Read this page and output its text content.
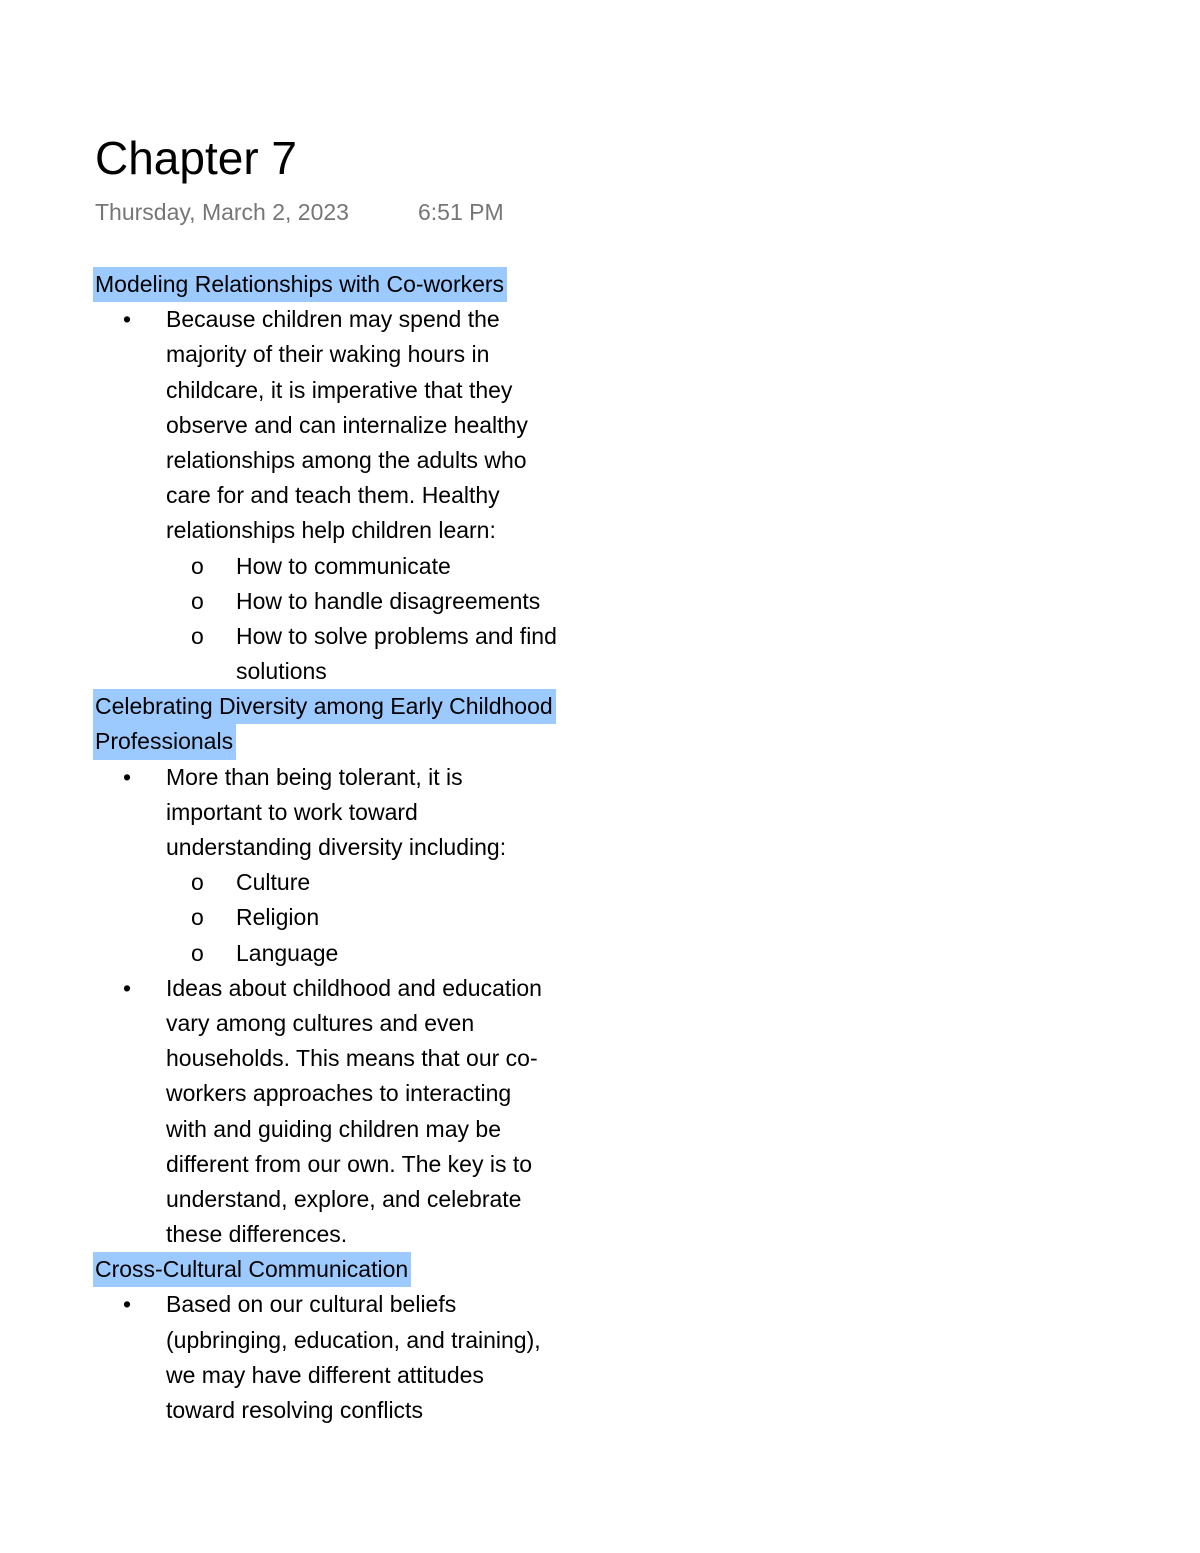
Chapter 7
Thursday, March 2, 2023	6:51 PM
Modeling Relationships with Co-workers
• Because children may spend the
majority of their waking hours in
childcare, it is imperative that they
observe and can internalize healthy
relationships among the adults who
care for and teach them. Healthy
relationships help children learn:
o How to communicate
o How to handle disagreements
o How to solve problems and find
solutions
Celebrating Diversity among Early Childhood
Professionals
• More than being tolerant, it is
important to work toward
understanding diversity including:
o Culture
o Religion
o Language
• Ideas about childhood and education
vary among cultures and even
households. This means that our co-
workers approaches to interacting
with and guiding children may be
different from our own. The key is to
understand, explore, and celebrate
these differences.
Cross-Cultural Communication
• Based on our cultural beliefs
(upbringing, education, and training),
we may have different attitudes
toward resolving conflicts
